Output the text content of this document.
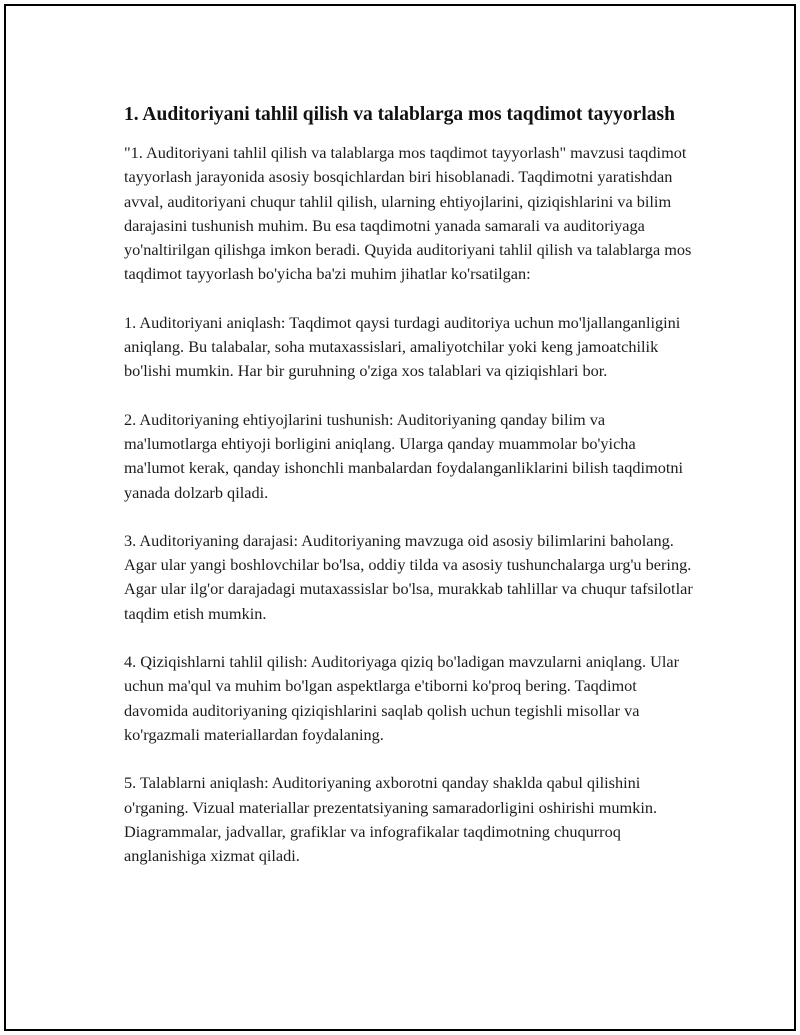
1. Auditoriyani tahlil qilish va talablarga mos taqdimot tayyorlash

"1. Auditoriyani tahlil qilish va talablarga mos taqdimot tayyorlash" mavzusi taqdimot tayyorlash jarayonida asosiy bosqichlardan biri hisoblanadi. Taqdimotni yaratishdan avval, auditoriyani chuqur tahlil qilish, ularning ehtiyojlarini, qiziqishlarini va bilim darajasini tushunish muhim. Bu esa taqdimotni yanada samarali va auditoriyaga yo'naltirilgan qilishga imkon beradi. Quyida auditoriyani tahlil qilish va talablarga mos taqdimot tayyorlash bo'yicha ba'zi muhim jihatlar ko'rsatilgan:

1. Auditoriyani aniqlash: Taqdimot qaysi turdagi auditoriya uchun mo'ljallanganligini aniqlang. Bu talabalar, soha mutaxassislari, amaliyotchilar yoki keng jamoatchilik bo'lishi mumkin. Har bir guruhning o'ziga xos talablari va qiziqishlari bor.

2. Auditoriyaning ehtiyojlarini tushunish: Auditoriyaning qanday bilim va ma'lumotlarga ehtiyoji borligini aniqlang. Ularga qanday muammolar bo'yicha ma'lumot kerak, qanday ishonchli manbalardan foydalanganliklarini bilish taqdimotni yanada dolzarb qiladi.

3. Auditoriyaning darajasi: Auditoriyaning mavzuga oid asosiy bilimlarini baholang. Agar ular yangi boshlovchilar bo'lsa, oddiy tilda va asosiy tushunchalarga urg'u bering. Agar ular ilg'or darajadagi mutaxassislar bo'lsa, murakkab tahlillar va chuqur tafsilotlar taqdim etish mumkin.

4. Qiziqishlarni tahlil qilish: Auditoriyaga qiziq bo'ladigan mavzularni aniqlang. Ular uchun ma'qul va muhim bo'lgan aspektlarga e'tiborni ko'proq bering. Taqdimot davomida auditoriyaning qiziqishlarini saqlab qolish uchun tegishli misollar va ko'rgazmali materiallardan foydalaning.

5. Talablarni aniqlash: Auditoriyaning axborotni qanday shaklda qabul qilishini o'rganing. Vizual materiallar prezentatsiyaning samaradorligini oshirishi mumkin. Diagrammalar, jadvallar, grafiklar va infografikalar taqdimotning chuqurroq anglanishiga xizmat qiladi.
